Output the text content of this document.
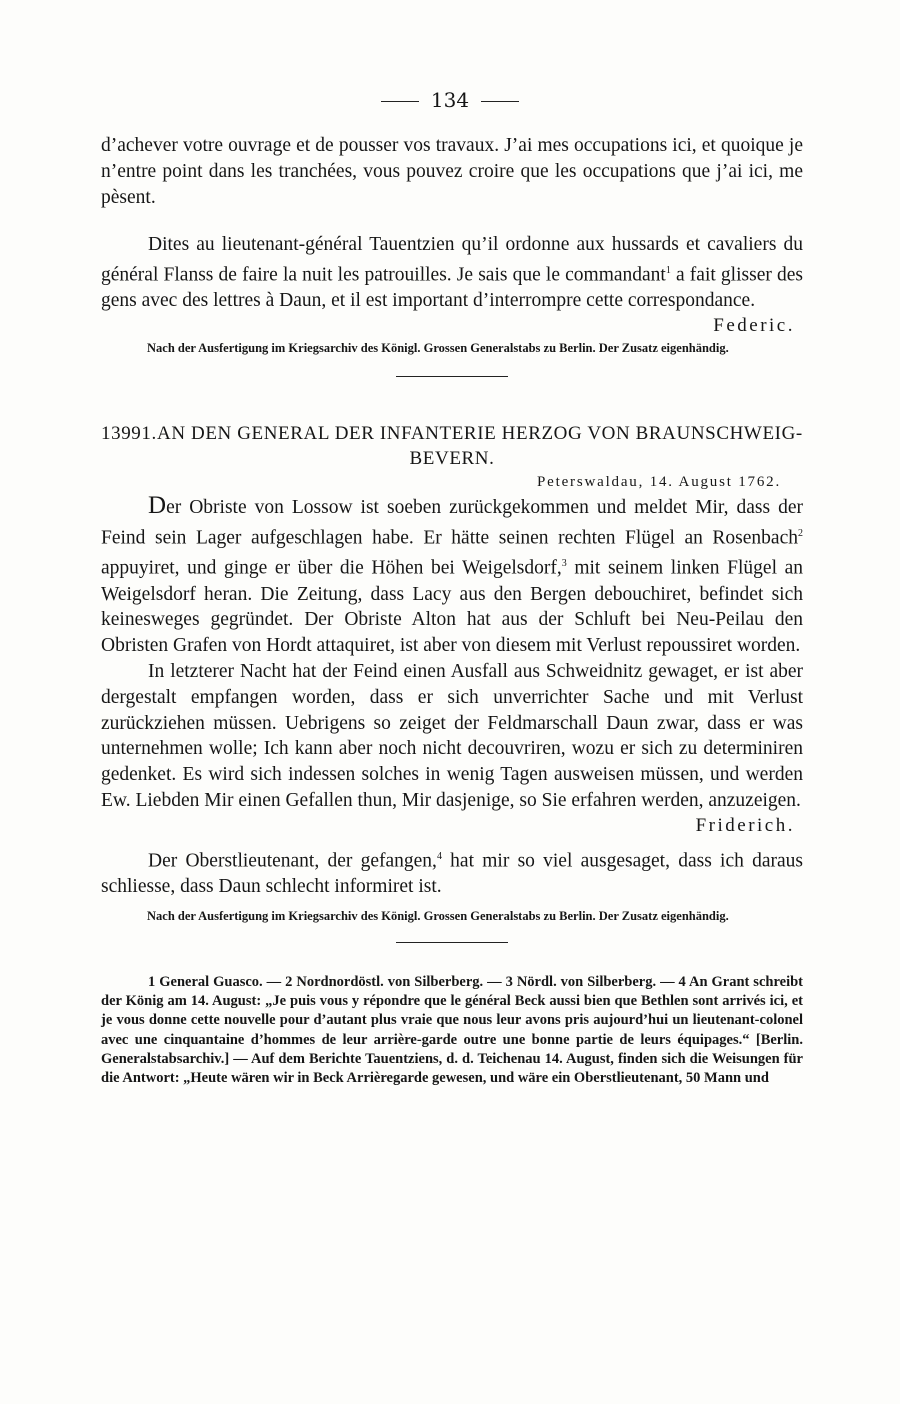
134

d’achever votre ouvrage et de pousser vos travaux. J’ai mes occupations ici, et quoique je n’entre point dans les tranchées, vous pouvez croire que les occupations que j’ai ici, me pèsent.

Dites au lieutenant-général Tauentzien qu’il ordonne aux hussards et cavaliers du général Flanss de faire la nuit les patrouilles. Je sais que le commandant$^1$ a fait glisser des gens avec des lettres à Daun, et il est important d’interrompre cette correspondance.

Federic.

Nach der Ausfertigung im Kriegsarchiv des Königl. Grossen Generalstabs zu Berlin. Der Zusatz eigenhändig.

13991. AN DEN GENERAL DER INFANTERIE HERZOG VON BRAUNSCHWEIG-BEVERN.
Peterswaldau, 14. August 1762.

Der Obriste von Lossow ist soeben zurückgekommen und meldet Mir, dass der Feind sein Lager aufgeschlagen habe. Er hätte seinen rechten Flügel an Rosenbach$^2$ appuyiret, und ginge er über die Höhen bei Weigelsdorf,$^3$ mit seinem linken Flügel an Weigelsdorf heran. Die Zeitung, dass Lacy aus den Bergen debouchiret, befindet sich keinesweges gegründet. Der Obriste Alton hat aus der Schluft bei Neu-Peilau den Obristen Grafen von Hordt attaquiret, ist aber von diesem mit Verlust repoussiret worden.

In letzterer Nacht hat der Feind einen Ausfall aus Schweidnitz gewaget, er ist aber dergestalt empfangen worden, dass er sich unverrichter Sache und mit Verlust zurückziehen müssen. Uebrigens so zeiget der Feldmarschall Daun zwar, dass er was unternehmen wolle; Ich kann aber noch nicht decouvriren, wozu er sich zu determiniren gedenket. Es wird sich indessen solches in wenig Tagen ausweisen müssen, und werden Ew. Liebden Mir einen Gefallen thun, Mir dasjenige, so Sie erfahren werden, anzuzeigen.

Friderich.

Der Oberstlieutenant, der gefangen,$^4$ hat mir so viel ausgesaget, dass ich daraus schliesse, dass Daun schlecht informiret ist.

Nach der Ausfertigung im Kriegsarchiv des Königl. Grossen Generalstabs zu Berlin. Der Zusatz eigenhändig.

1 General Guasco. — 2 Nordnordöstl. von Silberberg. — 3 Nördl. von Silberberg. — 4 An Grant schreibt der König am 14. August: „Je puis vous y répondre que le général Beck aussi bien que Bethlen sont arrivés ici, et je vous donne cette nouvelle pour d’autant plus vraie que nous leur avons pris aujourd’hui un lieutenant-colonel avec une cinquantaine d’hommes de leur arrière-garde outre une bonne partie de leurs équipages.“ [Berlin. Generalstabsarchiv.] — Auf dem Berichte Tauentziens, d. d. Teichenau 14. August, finden sich die Weisungen für die Antwort: „Heute wären wir in Beck Arrièregarde gewesen, und wäre ein Oberstlieutenant, 50 Mann und
